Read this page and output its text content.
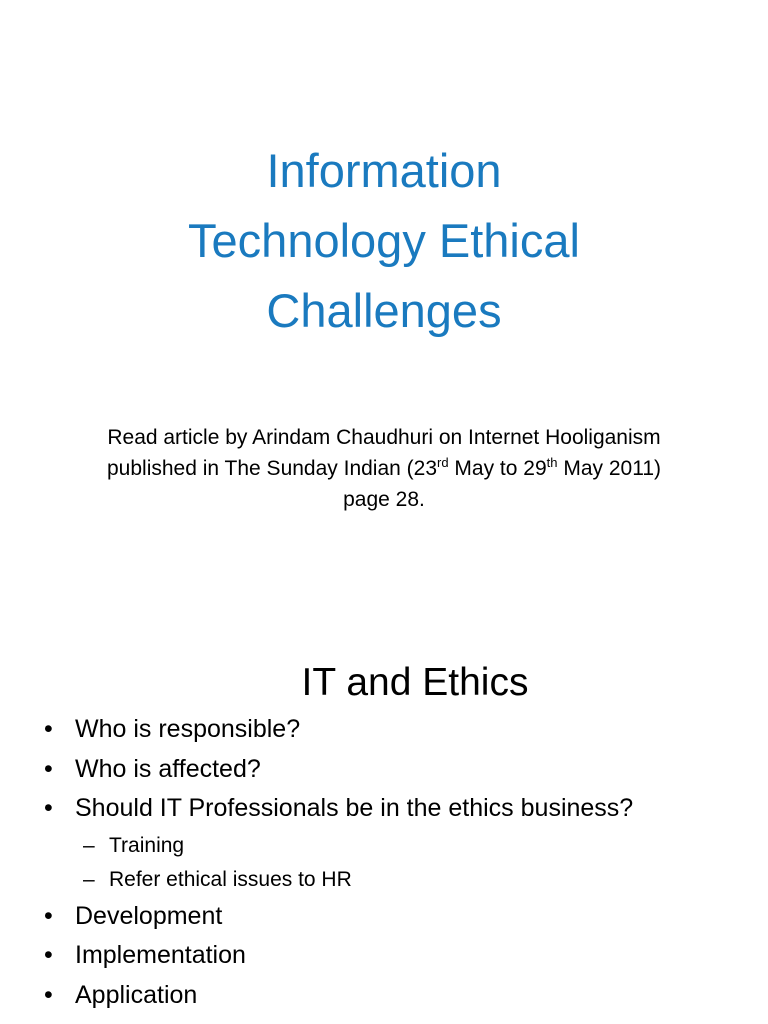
Information
Technology Ethical
Challenges

Read article by Arindam Chaudhuri on Internet Hooliganism
published in The Sunday Indian (23rd May to 29th May 2011)
page 28.

IT and Ethics
• Who is responsible?
• Who is affected?
• Should IT Professionals be in the ethics business?
– Training
– Refer ethical issues to HR
• Development
• Implementation
• Application
